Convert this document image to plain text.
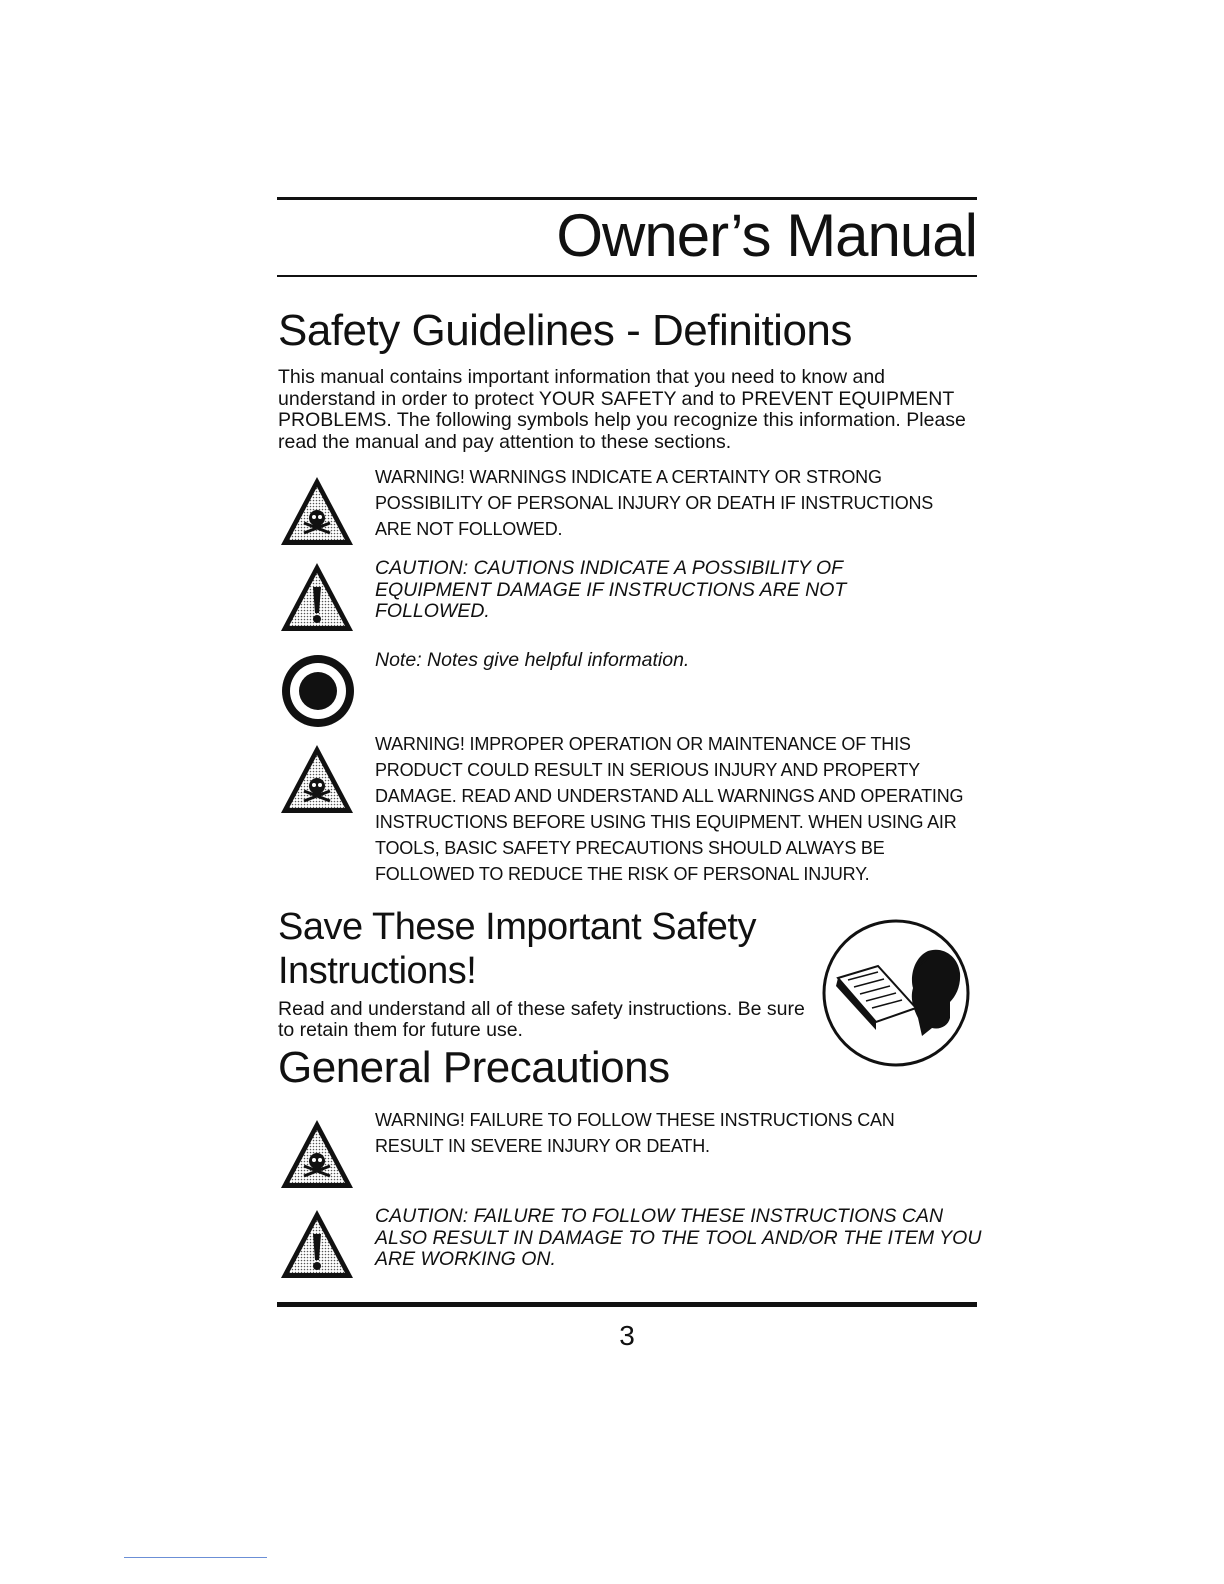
Owner’s Manual
Safety Guidelines - Definitions
This manual contains important information that you need to know and understand in order to protect YOUR SAFETY and to PREVENT EQUIPMENT PROBLEMS. The following symbols help you recognize this information. Please read the manual and pay attention to these sections.
WARNING! WARNINGS INDICATE A CERTAINTY OR STRONG POSSIBILITY OF PERSONAL INJURY OR DEATH IF INSTRUCTIONS ARE NOT FOLLOWED.
CAUTION: CAUTIONS INDICATE A POSSIBILITY OF EQUIPMENT DAMAGE IF INSTRUCTIONS ARE NOT FOLLOWED.
Note: Notes give helpful information.
WARNING! IMPROPER OPERATION OR MAINTENANCE OF THIS PRODUCT COULD RESULT IN SERIOUS INJURY AND PROPERTY DAMAGE. READ AND UNDERSTAND ALL WARNINGS AND OPERATING INSTRUCTIONS BEFORE USING THIS EQUIPMENT. WHEN USING AIR TOOLS, BASIC SAFETY PRECAUTIONS SHOULD ALWAYS BE FOLLOWED TO REDUCE THE RISK OF PERSONAL INJURY.
Save These Important Safety Instructions!
Read and understand all of these safety instructions. Be sure to retain them for future use.
General Precautions
WARNING! FAILURE TO FOLLOW THESE INSTRUCTIONS CAN RESULT IN SEVERE INJURY OR DEATH.
CAUTION: FAILURE TO FOLLOW THESE INSTRUCTIONS CAN ALSO RESULT IN DAMAGE TO THE TOOL AND/OR THE ITEM YOU ARE WORKING ON.
3
